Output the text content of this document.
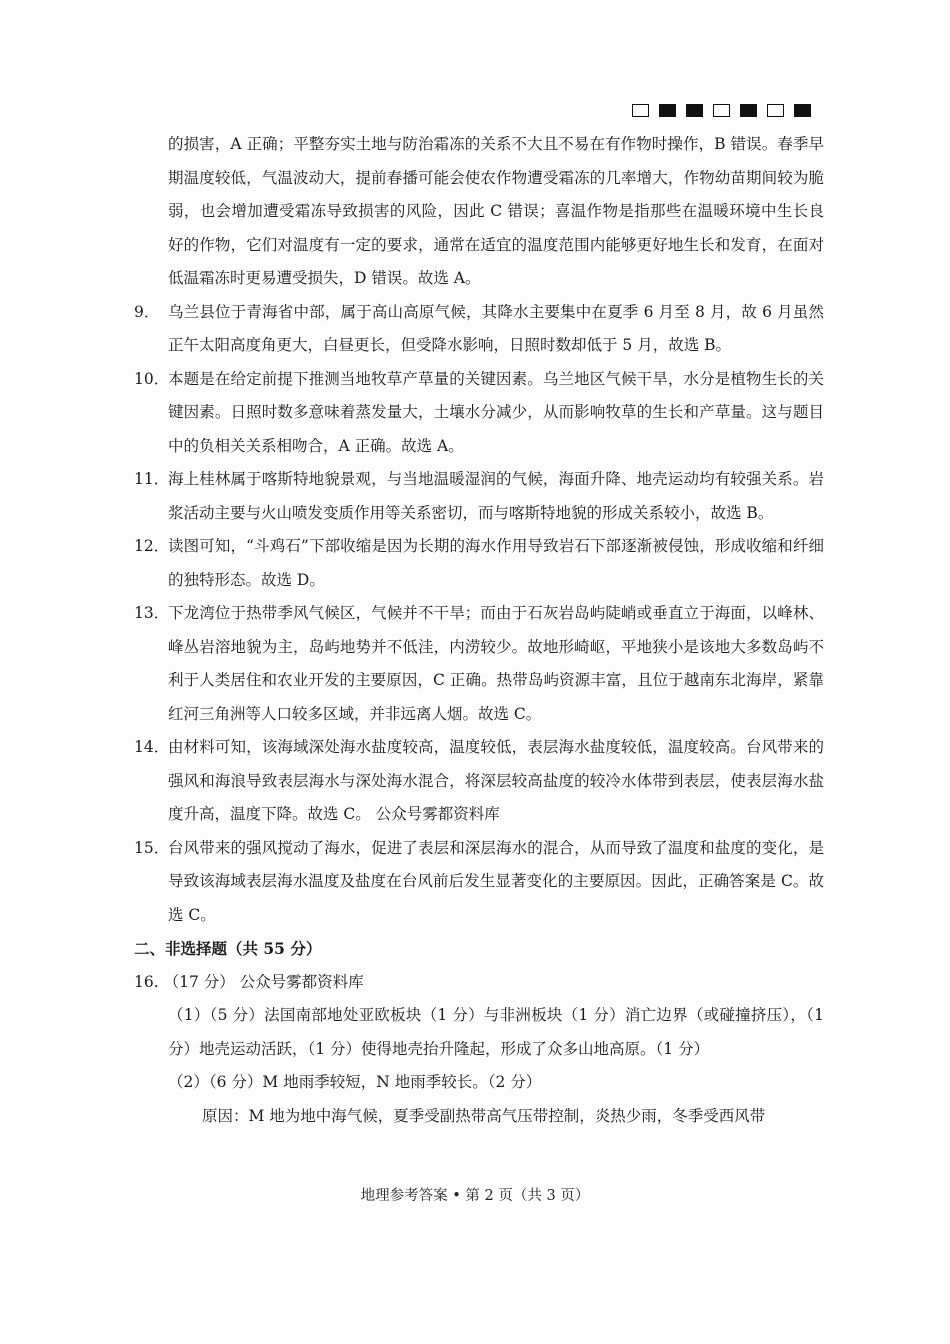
的损害，A 正确；平整夯实土地与防治霜冻的关系不大且不易在有作物时操作，B 错误。春季早期温度较低，气温波动大，提前春播可能会使农作物遭受霜冻的几率增大，作物幼苗期间较为脆弱，也会增加遭受霜冻导致损害的风险，因此 C 错误；喜温作物是指那些在温暖环境中生长良好的作物，它们对温度有一定的要求，通常在适宜的温度范围内能够更好地生长和发育，在面对低温霜冻时更易遭受损失，D 错误。故选 A。

9． 乌兰县位于青海省中部，属于高山高原气候，其降水主要集中在夏季 6 月至 8 月，故 6 月虽然正午太阳高度角更大，白昼更长，但受降水影响，日照时数却低于 5 月，故选 B。
10．
本题是在给定前提下推测当地牧草产草量的关键因素。乌兰地区气候干旱，水分是植物生长的关键因素。日照时数多意味着蒸发量大，土壤水分减少，从而影响牧草的生长和产草量。这与题目中的负相关关系相吻合，A 正确。故选 A。
11．
海上桂林属于喀斯特地貌景观，与当地温暖湿润的气候，海面升降、地壳运动均有较强关系。岩浆活动主要与火山喷发变质作用等关系密切，而与喀斯特地貌的形成关系较小，故选 B。
12．
读图可知，“斗鸡石”下部收缩是因为长期的海水作用导致岩石下部逐渐被侵蚀，形成收缩和纤细的独特形态。故选 D。
13．
下龙湾位于热带季风气候区，气候并不干旱；而由于石灰岩岛屿陡峭或垂直立于海面，以峰林、峰丛岩溶地貌为主，岛屿地势并不低洼，内涝较少。故地形崎岖，平地狭小是该地大多数岛屿不利于人类居住和农业开发的主要原因，C 正确。热带岛屿资源丰富，且位于越南东北海岸，紧靠红河三角洲等人口较多区域，并非远离人烟。故选 C。
14．
由材料可知，该海域深处海水盐度较高，温度较低，表层海水盐度较低，温度较高。台风带来的强风和海浪导致表层海水与深处海水混合，将深层较高盐度的较冷水体带到表层，使表层海水盐度升高，温度下降。故选 C。 公众号雾都资料库
15．
台风带来的强风搅动了海水，促进了表层和深层海水的混合，从而导致了温度和盐度的变化，是导致该海域表层海水温度及盐度在台风前后发生显著变化的主要原因。因此，正确答案是 C。故选 C。

二、非选择题（共 55 分）

16. （17 分） 公众号雾都资料库

（1）（5 分）法国南部地处亚欧板块（1 分）与非洲板块（1 分）消亡边界（或碰撞挤压），（1 分）地壳运动活跃，（1 分）使得地壳抬升隆起，形成了众多山地高原。（1 分）

（2）（6 分）M 地雨季较短，N 地雨季较长。（2 分）

原因：M 地为地中海气候，夏季受副热带高气压带控制，炎热少雨，冬季受西风带

地理参考答案 • 第 2 页（共 3 页）
